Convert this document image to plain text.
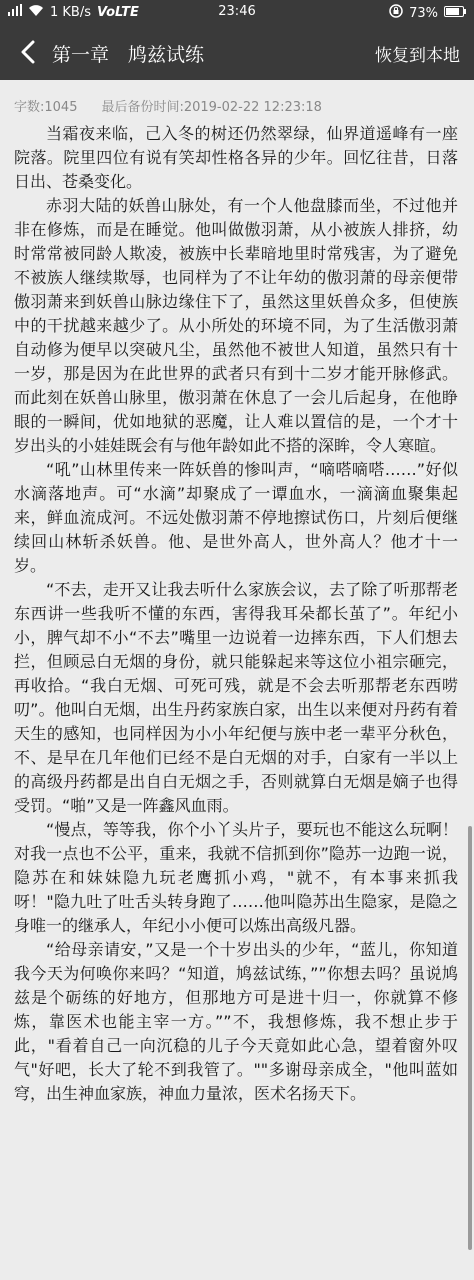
1 KB/s VoLTE	23:46	73%
第一章　鸠兹试练	恢复到本地
字数:1045 最后备份时间:2019-02-22 12:23:18

当霜夜来临，己入冬的树还仍然翠绿，仙界道遥峰有一座院落。院里四位有说有笑却性格各异的少年。回忆往昔，日落日出、苍桑变化。

赤羽大陆的妖兽山脉处，有一个人他盘膝而坐，不过他并非在修炼，而是在睡觉。他叫做傲羽萧，从小被族人排挤，幼时常常被同龄人欺凌，被族中长辈暗地里时常残害，为了避免不被族人继续欺辱，也同样为了不让年幼的傲羽萧的母亲便带傲羽萧来到妖兽山脉边缘住下了，虽然这里妖兽众多，但使族中的干扰越来越少了。从小所处的环境不同，为了生活傲羽萧自动修为便早以突破凡尘，虽然他不被世人知道，虽然只有十一岁，那是因为在此世界的武者只有到十二岁才能开脉修武。而此刻在妖兽山脉里，傲羽萧在休息了一会儿后起身，在他睁眼的一瞬间，优如地狱的恶魔，让人难以置信的是，一个才十岁出头的小娃娃既会有与他年龄如此不搭的深眸，令人寒暄。

“吼”山林里传来一阵妖兽的惨叫声，“嘀嗒嘀嗒……”好似水滴落地声。可“水滴”却聚成了一谭血水，一滴滴血聚集起来，鲜血流成河。不远处傲羽萧不停地擦试伤口，片刻后便继续回山林斩杀妖兽。他、是世外高人，世外高人？他才十一岁。

“不去，走开又让我去听什么家族会议，去了除了听那帮老东西讲一些我听不懂的东西，害得我耳朵都长茧了”。年纪小小，脾气却不小“不去”嘴里一边说着一边摔东西，下人们想去拦，但顾忌白无烟的身份，就只能躲起来等这位小祖宗砸完，再收拾。“我白无烟、可死可残，就是不会去听那帮老东西唠叨”。他叫白无烟，出生丹药家族白家，出生以来便对丹药有着天生的感知，也同样因为小小年纪便与族中老一辈平分秋色，不、是早在几年他们已经不是白无烟的对手，白家有一半以上的高级丹药都是出自白无烟之手，否则就算白无烟是嫡子也得受罚。“啪”又是一阵鑫风血雨。

“慢点，等等我，你个小丫头片子，要玩也不能这么玩啊！对我一点也不公平，重来，我就不信抓到你”隐苏一边跑一说，隐苏在和妹妹隐九玩老鹰抓小鸡，"就不，有本事来抓我呀！"隐九吐了吐舌头转身跑了……他叫隐苏出生隐家，是隐之身唯一的继承人，年纪小小便可以炼出高级凡器。

“给母亲请安，”又是一个十岁出头的少年，“蓝儿，你知道我今天为何唤你来吗？“知道，鸠兹试练，””你想去吗？虽说鸠兹是个砺练的好地方，但那地方可是进十归一，你就算不修炼，靠医术也能主宰一方。””不，我想修炼，我不想止步于此，"看着自己一向沉稳的儿子今天竟如此心急，望着窗外叹气"好吧，长大了轮不到我管了。""多谢母亲成全，"他叫蓝如穹，出生神血家族，神血力量浓，医术名扬天下。
